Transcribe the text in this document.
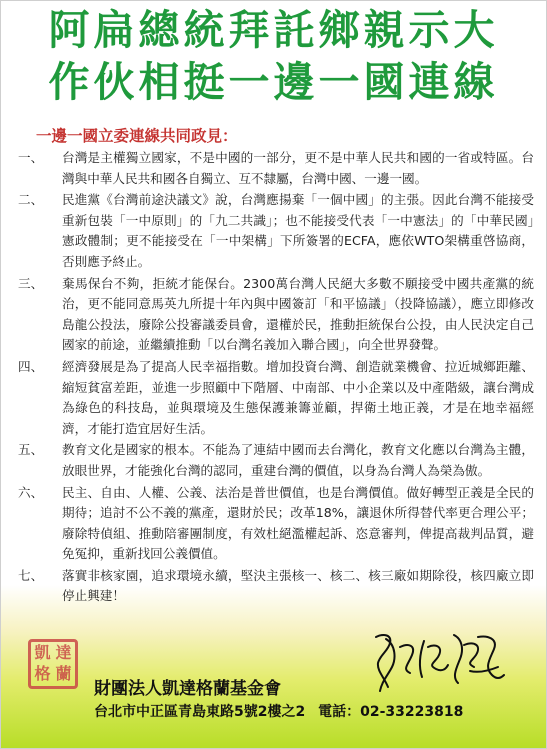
阿扁總統拜託鄉親示大
作伙相挺一邊一國連線
一邊一國立委連線共同政見：
一、	台灣是主權獨立國家，不是中國的一部分，更不是中華人民共和國的一省或特區。台灣與中華人民共和國各自獨立、互不隸屬，台灣中國、一邊一國。
二、	民進黨《台灣前途決議文》說，台灣應揚棄「一個中國」的主張。因此台灣不能接受重新包裝「一中原則」的「九二共識」；也不能接受代表「一中憲法」的「中華民國」憲政體制；更不能接受在「一中架構」下所簽署的ECFA，應依WTO架構重啓協商，否則應予終止。
三、	棄馬保台不夠，拒統才能保台。2300萬台灣人民絕大多數不願接受中國共產黨的統治，更不能同意馬英九所提十年內與中國簽訂「和平協議」（投降協議），應立即修改島龍公投法，廢除公投審議委員會，還權於民，推動拒統保台公投，由人民決定自己國家的前途，並繼續推動「以台灣名義加入聯合國」，向全世界發聲。
四、	經濟發展是為了提高人民幸福指數。增加投資台灣、創造就業機會、拉近城鄉距離、縮短貧富差距，並進一步照顧中下階層、中南部、中小企業以及中產階級，讓台灣成為綠色的科技島，並與環境及生態保護兼籌並顧，捍衛土地正義，才是在地幸福經濟，才能打造宜居好生活。
五、	教育文化是國家的根本。不能為了連結中國而去台灣化，教育文化應以台灣為主體，放眼世界，才能強化台灣的認同，重建台灣的價值，以身為台灣人為榮為傲。
六、	民主、自由、人權、公義、法治是普世價值，也是台灣價值。做好轉型正義是全民的期待；追討不公不義的黨產，還財於民；改革18%，讓退休所得替代率更合理公平；廢除特偵組、推動陪審團制度，有效杜絕濫權起訴、恣意審判，俾提高裁判品質，避免冤抑，重新找回公義價值。
七、	落實非核家園，追求環境永續，堅決主張核一、核二、核三廠如期除役，核四廠立即停止興建！
凱 達
格 蘭
財團法人凱達格蘭基金會
台北市中正區青島東路5號2樓之2 電話：02-33223818
